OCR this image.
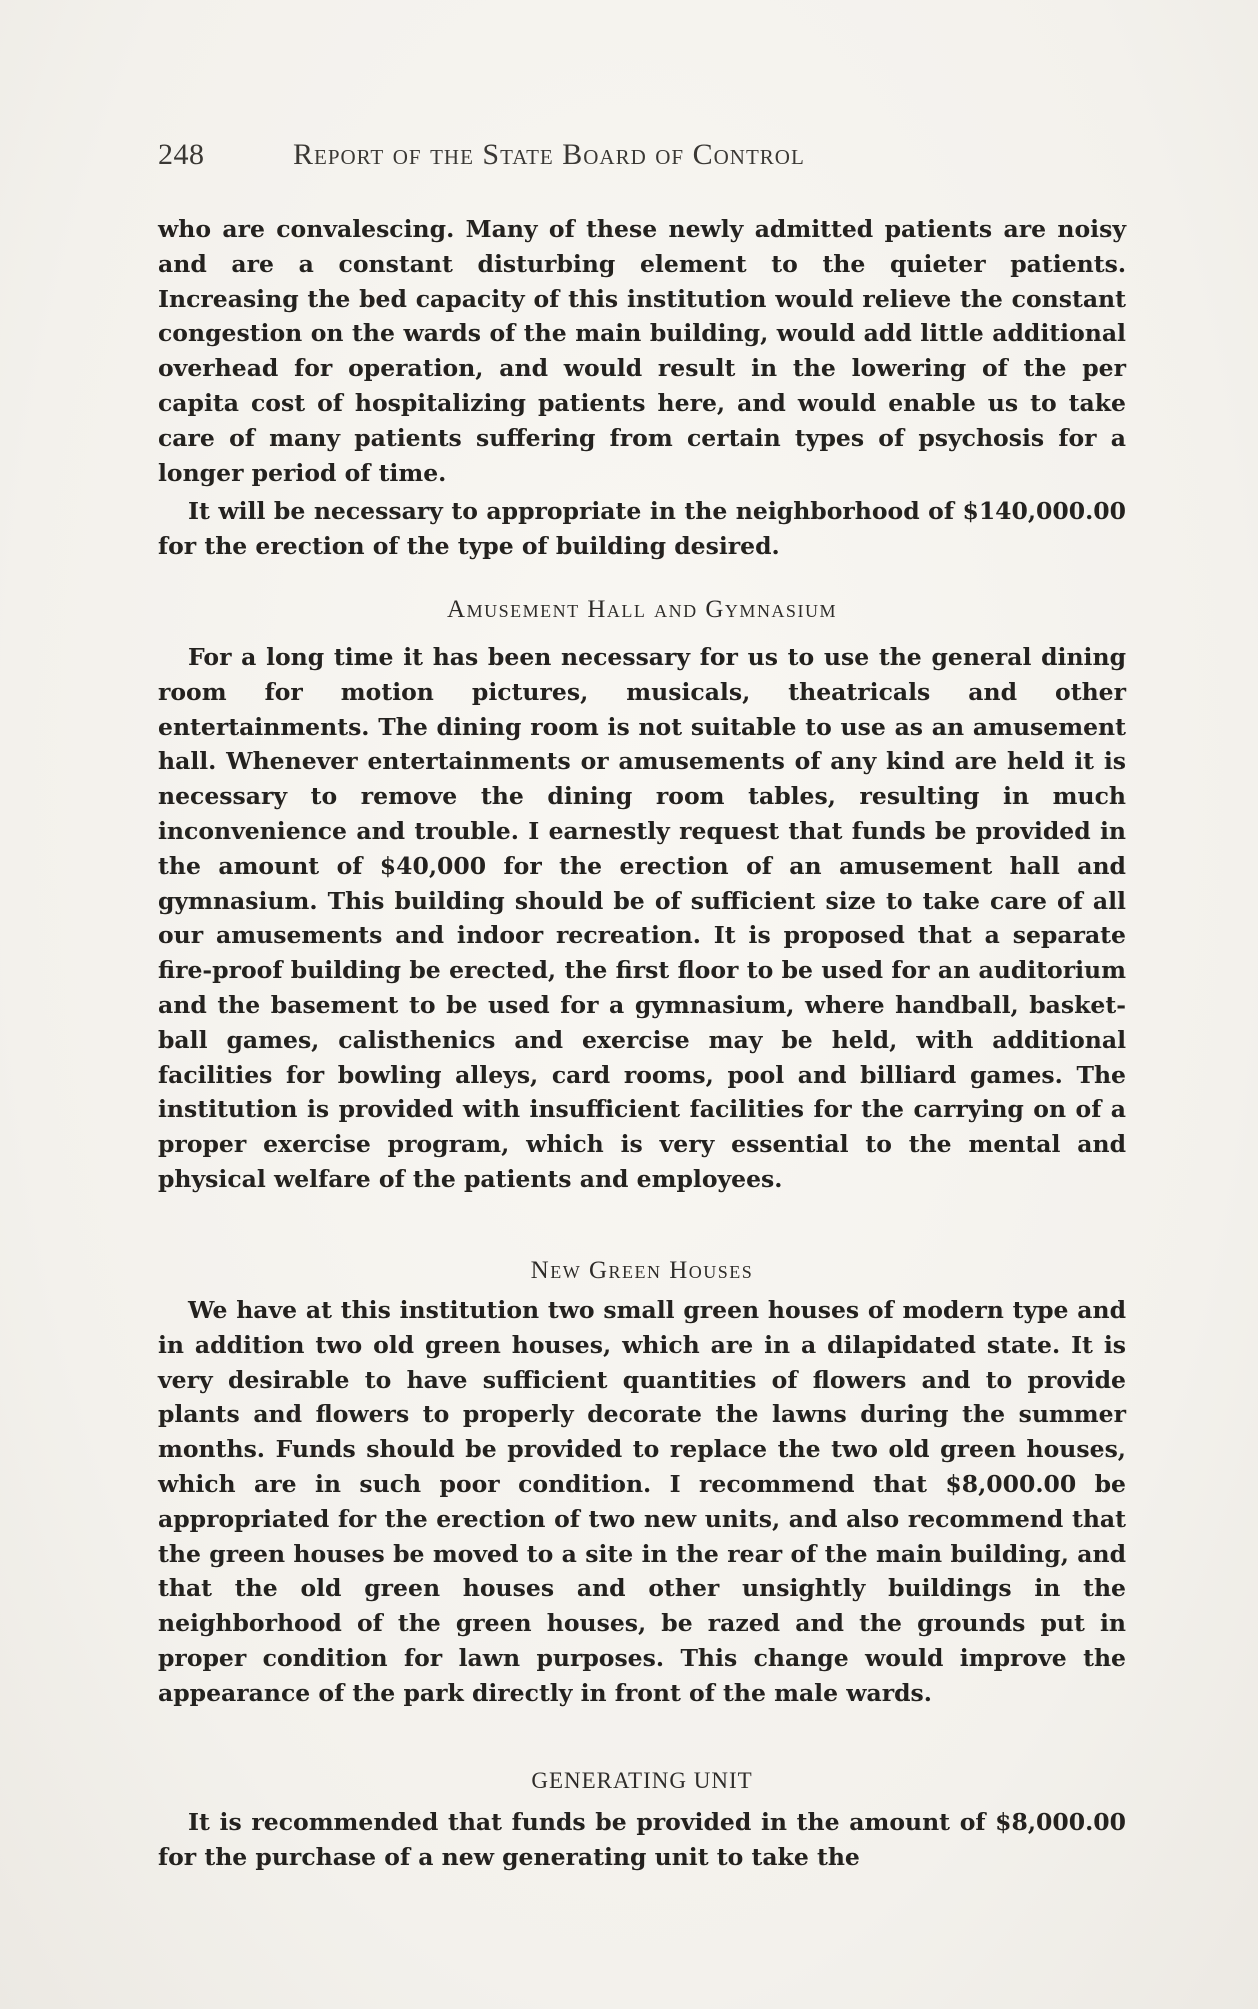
248	Report of the State Board of Control

who are convalescing. Many of these newly admitted patients are noisy and are a constant disturbing element to the quieter patients. Increasing the bed capacity of this institution would relieve the constant congestion on the wards of the main building, would add little additional overhead for operation, and would result in the lowering of the per capita cost of hospitalizing patients here, and would enable us to take care of many patients suffering from certain types of psychosis for a longer period of time.

It will be necessary to appropriate in the neighborhood of $140,000.00 for the erection of the type of building desired.

Amusement Hall and Gymnasium

For a long time it has been necessary for us to use the general dining room for motion pictures, musicals, theatricals and other entertainments. The dining room is not suitable to use as an amusement hall. Whenever entertainments or amusements of any kind are held it is necessary to remove the dining room tables, resulting in much inconvenience and trouble. I earnestly request that funds be provided in the amount of $40,000 for the erection of an amusement hall and gymnasium. This building should be of sufficient size to take care of all our amusements and indoor recreation. It is proposed that a separate fire-proof building be erected, the first floor to be used for an auditorium and the basement to be used for a gymnasium, where handball, basket-ball games, calisthenics and exercise may be held, with additional facilities for bowling alleys, card rooms, pool and billiard games. The institution is provided with insufficient facilities for the carrying on of a proper exercise program, which is very essential to the mental and physical welfare of the patients and employees.

New Green Houses

We have at this institution two small green houses of modern type and in addition two old green houses, which are in a dilapidated state. It is very desirable to have sufficient quantities of flowers and to provide plants and flowers to properly decorate the lawns during the summer months. Funds should be provided to replace the two old green houses, which are in such poor condition. I recommend that $8,000.00 be appropriated for the erection of two new units, and also recommend that the green houses be moved to a site in the rear of the main building, and that the old green houses and other unsightly buildings in the neighborhood of the green houses, be razed and the grounds put in proper condition for lawn purposes. This change would improve the appearance of the park directly in front of the male wards.

GENERATING UNIT

It is recommended that funds be provided in the amount of $8,000.00 for the purchase of a new generating unit to take the
